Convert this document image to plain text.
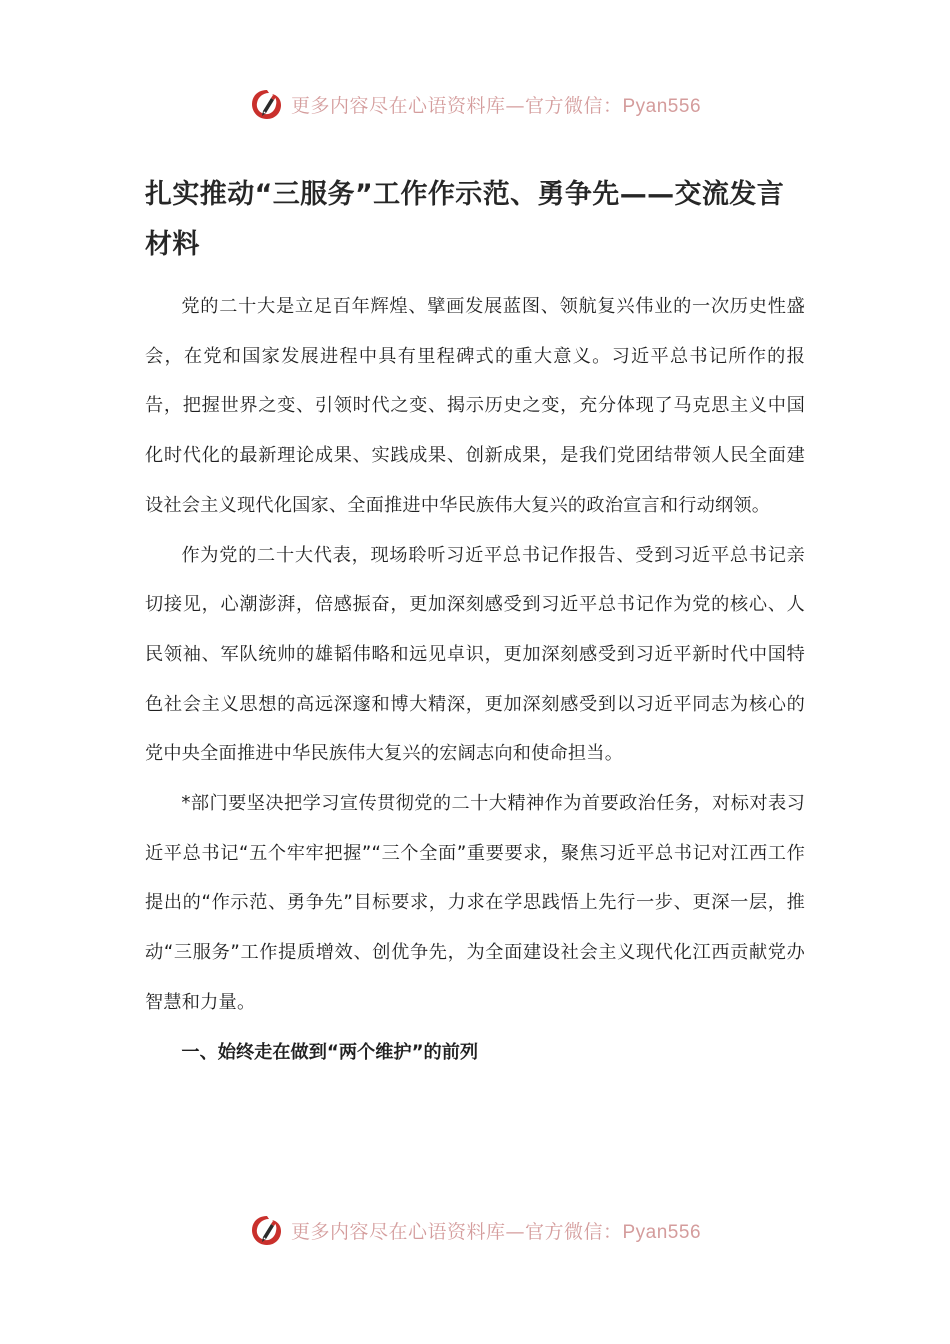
更多内容尽在心语资料库—官方微信：Pyan556
扎实推动“三服务”工作作示范、勇争先——交流发言材料

党的二十大是立足百年辉煌、擘画发展蓝图、领航复兴伟业的一次历史性盛会，在党和国家发展进程中具有里程碑式的重大意义。习近平总书记所作的报告，把握世界之变、引领时代之变、揭示历史之变，充分体现了马克思主义中国化时代化的最新理论成果、实践成果、创新成果，是我们党团结带领人民全面建设社会主义现代化国家、全面推进中华民族伟大复兴的政治宣言和行动纲领。

作为党的二十大代表，现场聆听习近平总书记作报告、受到习近平总书记亲切接见，心潮澎湃，倍感振奋，更加深刻感受到习近平总书记作为党的核心、人民领袖、军队统帅的雄韬伟略和远见卓识，更加深刻感受到习近平新时代中国特色社会主义思想的高远深邃和博大精深，更加深刻感受到以习近平同志为核心的党中央全面推进中华民族伟大复兴的宏阔志向和使命担当。

*部门要坚决把学习宣传贯彻党的二十大精神作为首要政治任务，对标对表习近平总书记“五个牢牢把握”“三个全面”重要要求，聚焦习近平总书记对江西工作提出的“作示范、勇争先”目标要求，力求在学思践悟上先行一步、更深一层，推动“三服务”工作提质增效、创优争先，为全面建设社会主义现代化江西贡献党办智慧和力量。

一、始终走在做到“两个维护”的前列
更多内容尽在心语资料库—官方微信：Pyan556
